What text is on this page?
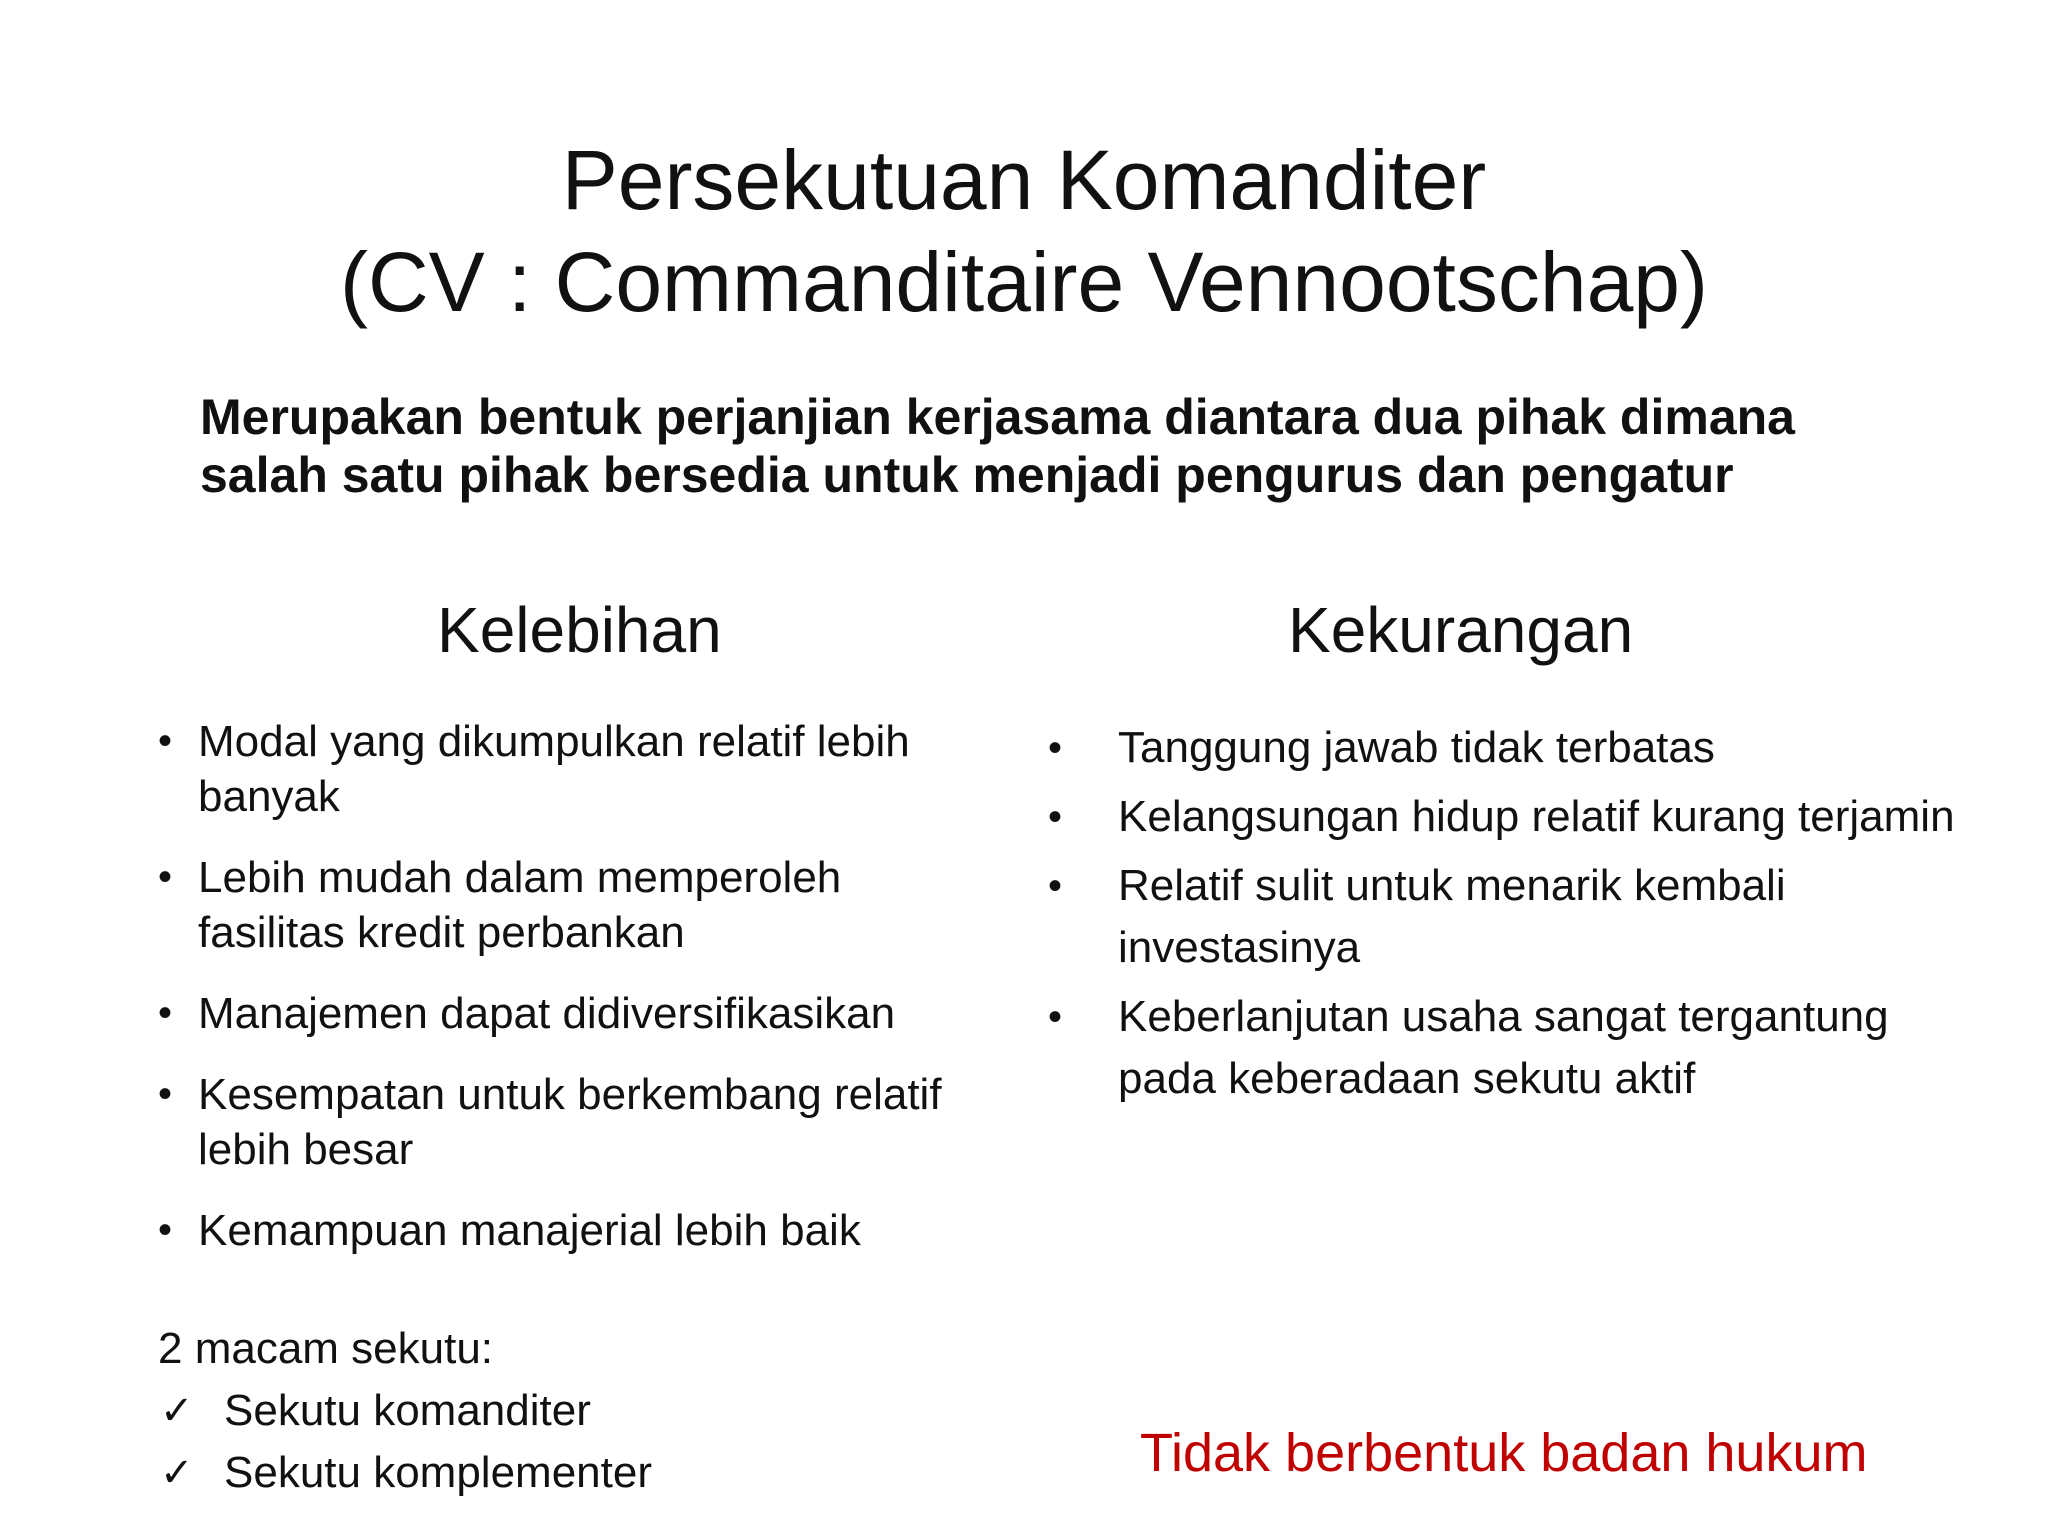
Persekutuan Komanditer
(CV : Commanditaire Vennootschap)
Merupakan bentuk perjanjian kerjasama diantara dua pihak dimana
salah satu pihak bersedia untuk menjadi pengurus dan pengatur
Kelebihan	Kekurangan
• Modal yang dikumpulkan relatif lebih
banyak
• Lebih mudah dalam memperoleh
fasilitas kredit perbankan
• Manajemen dapat didiversifikasikan
• Kesempatan untuk berkembang relatif
lebih besar
• Kemampuan manajerial lebih baik
• Tanggung jawab tidak terbatas
• Kelangsungan hidup relatif kurang terjamin
• Relatif sulit untuk menarik kembali
investasinya
• Keberlanjutan usaha sangat tergantung
pada keberadaan sekutu aktif
2 macam sekutu:
✓ Sekutu komanditer
✓ Sekutu komplementer	Tidak berbentuk badan hukum
